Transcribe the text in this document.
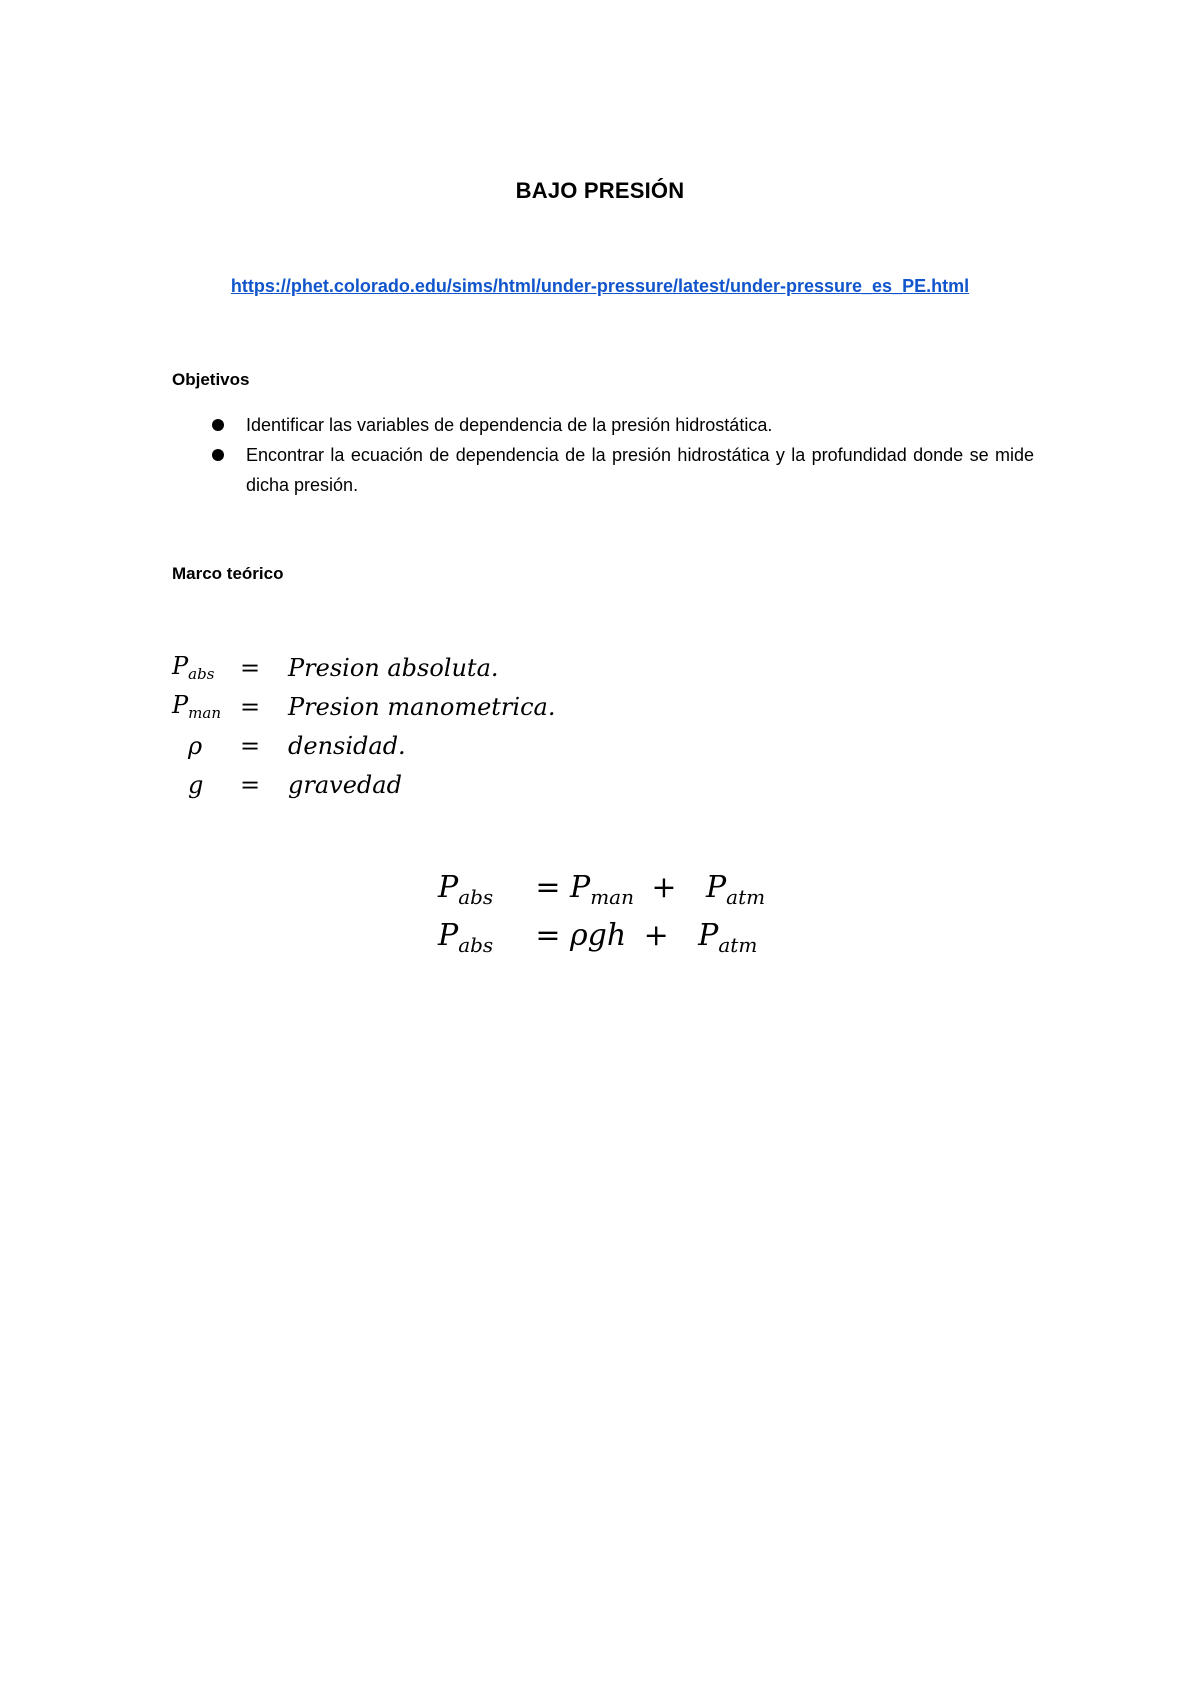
BAJO PRESIÓN
https://phet.colorado.edu/sims/html/under-pressure/latest/under-pressure_es_PE.html
Objetivos
Identificar las variables de dependencia de la presión hidrostática.
Encontrar la ecuación de dependencia de la presión hidrostática y la profundidad donde se mide dicha presión.
Marco teórico
$P_{abs}$	=	Presion absoluta.
$P_{man}$	=	Presion manometrica.
ρ	=	densidad.
g	=	gravedad
$P_{abs} = P_{man} + P_{atm}$
$P_{abs} = \rho gh + P_{atm}$
